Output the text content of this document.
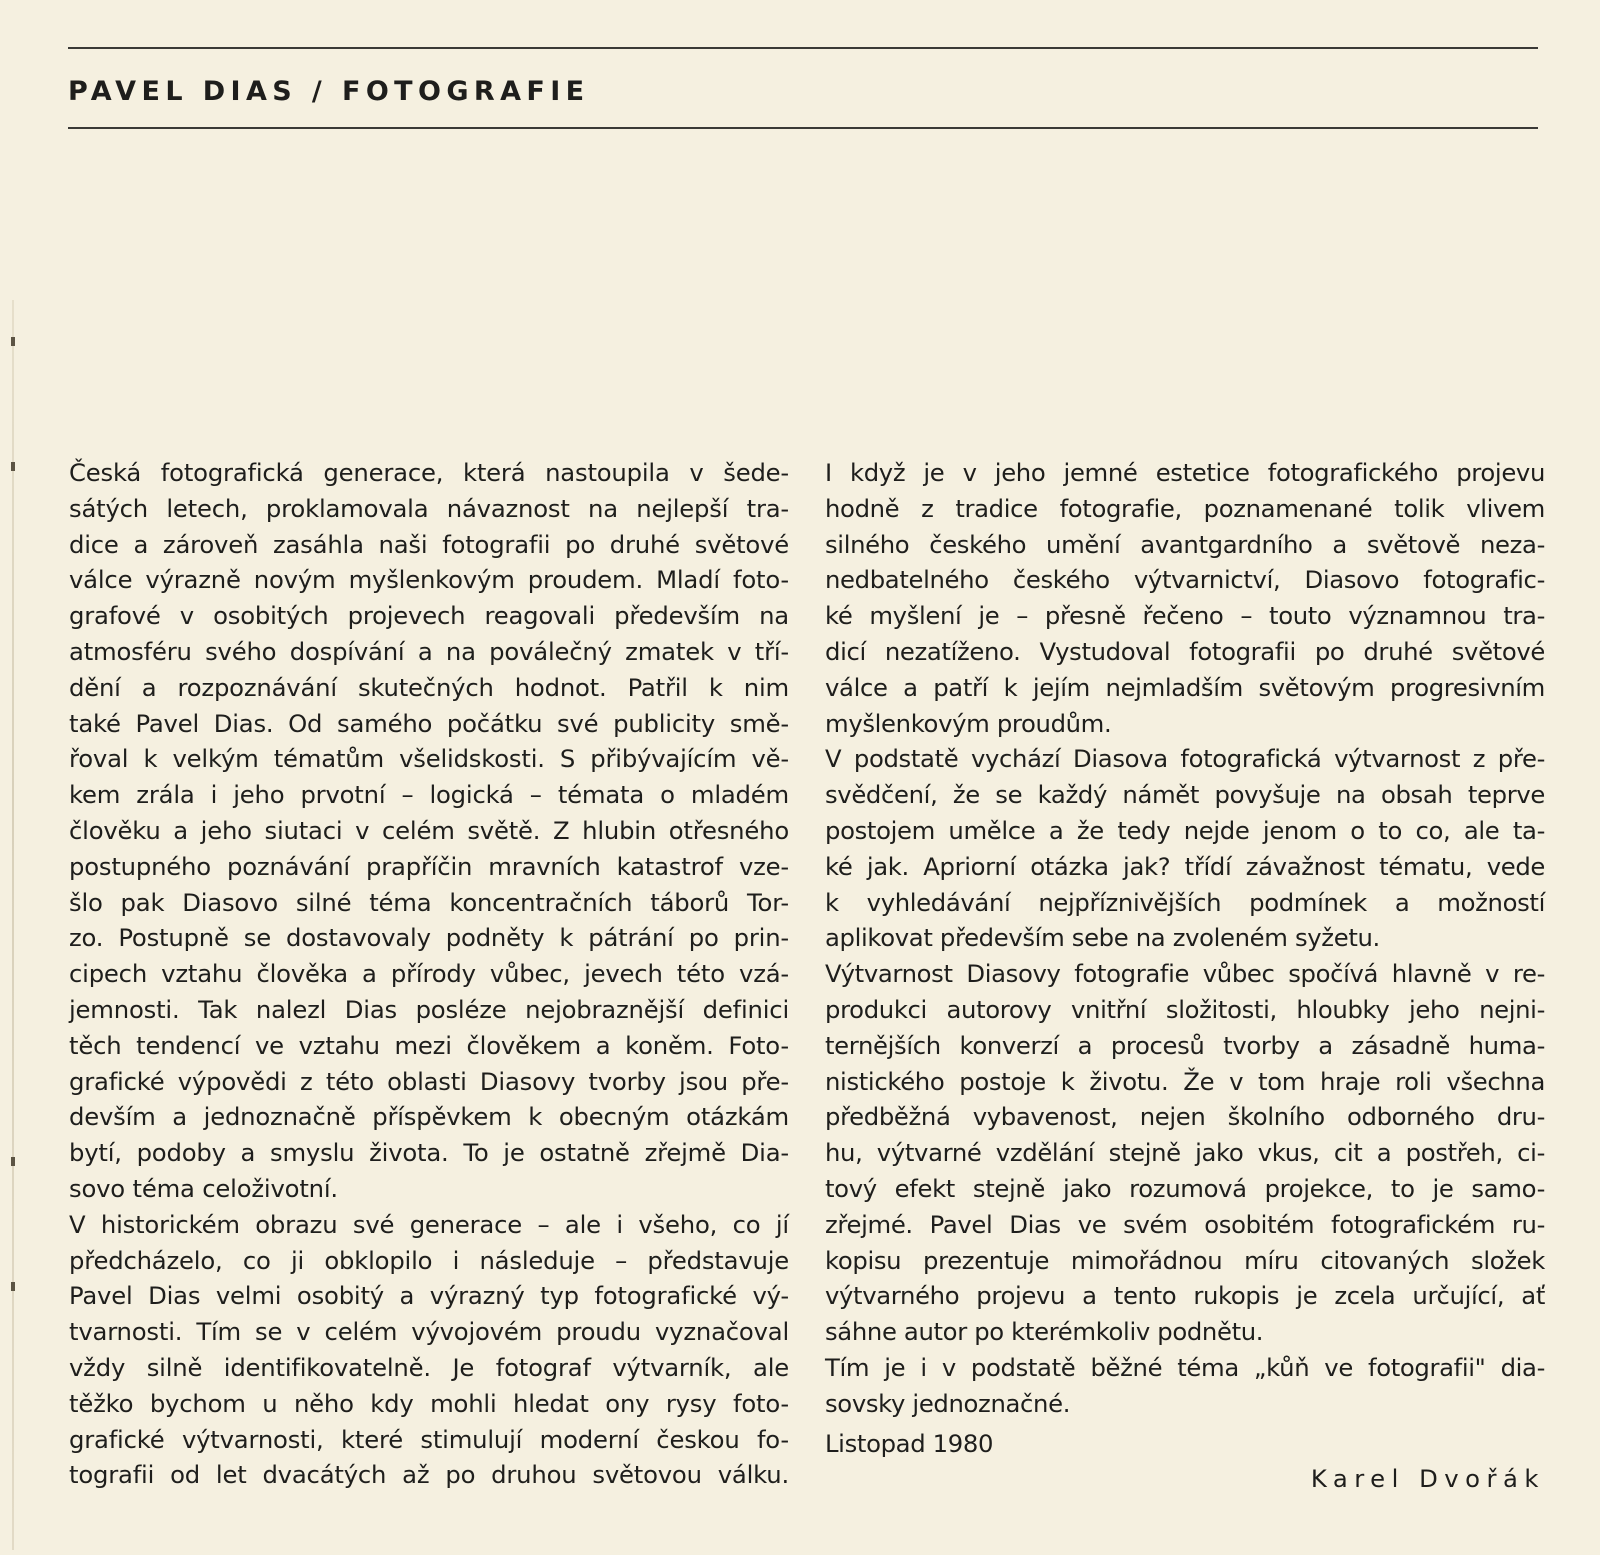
PAVEL DIAS / FOTOGRAFIE
Česká fotografická generace, která nastoupila v šede-
sátých letech, proklamovala návaznost na nejlepší tra-
dice a zároveň zasáhla naši fotografii po druhé světové
válce výrazně novým myšlenkovým proudem. Mladí foto-
grafové v osobitých projevech reagovali především na
atmosféru svého dospívání a na poválečný zmatek v tří-
dění a rozpoznávání skutečných hodnot. Patřil k nim
také Pavel Dias. Od samého počátku své publicity smě-
řoval k velkým tématům všelidskosti. S přibývajícím vě-
kem zrála i jeho prvotní – logická – témata o mladém
člověku a jeho siutaci v celém světě. Z hlubin otřesného
postupného poznávání prapříčin mravních katastrof vze-
šlo pak Diasovo silné téma koncentračních táborů Tor-
zo. Postupně se dostavovaly podněty k pátrání po prin-
cipech vztahu člověka a přírody vůbec, jevech této vzá-
jemnosti. Tak nalezl Dias posléze nejobraznější definici
těch tendencí ve vztahu mezi člověkem a koněm. Foto-
grafické výpovědi z této oblasti Diasovy tvorby jsou pře-
devším a jednoznačně příspěvkem k obecným otázkám
bytí, podoby a smyslu života. To je ostatně zřejmě Dia-
sovo téma celoživotní.
V historickém obrazu své generace – ale i všeho, co jí
předcházelo, co ji obklopilo i následuje – představuje
Pavel Dias velmi osobitý a výrazný typ fotografické vý-
tvarnosti. Tím se v celém vývojovém proudu vyznačoval
vždy silně identifikovatelně. Je fotograf výtvarník, ale
těžko bychom u něho kdy mohli hledat ony rysy foto-
grafické výtvarnosti, které stimulují moderní českou fo-
tografii od let dvacátých až po druhou světovou válku.
I když je v jeho jemné estetice fotografického projevu
hodně z tradice fotografie, poznamenané tolik vlivem
silného českého umění avantgardního a světově neza-
nedbatelného českého výtvarnictví, Diasovo fotografic-
ké myšlení je – přesně řečeno – touto významnou tra-
dicí nezatíženo. Vystudoval fotografii po druhé světové
válce a patří k jejím nejmladším světovým progresivním
myšlenkovým proudům.
V podstatě vychází Diasova fotografická výtvarnost z pře-
svědčení, že se každý námět povyšuje na obsah teprve
postojem umělce a že tedy nejde jenom o to co, ale ta-
ké jak. Apriorní otázka jak? třídí závažnost tématu, vede
k vyhledávání nejpříznivějších podmínek a možností
aplikovat především sebe na zvoleném syžetu.
Výtvarnost Diasovy fotografie vůbec spočívá hlavně v re-
produkci autorovy vnitřní složitosti, hloubky jeho nejni-
ternějších konverzí a procesů tvorby a zásadně huma-
nistického postoje k životu. Že v tom hraje roli všechna
předběžná vybavenost, nejen školního odborného dru-
hu, výtvarné vzdělání stejně jako vkus, cit a postřeh, ci-
tový efekt stejně jako rozumová projekce, to je samo-
zřejmé. Pavel Dias ve svém osobitém fotografickém ru-
kopisu prezentuje mimořádnou míru citovaných složek
výtvarného projevu a tento rukopis je zcela určující, ať
sáhne autor po kterémkoliv podnětu.
Tím je i v podstatě běžné téma „kůň ve fotografii" dia-
sovsky jednoznačné.
Listopad 1980
Karel Dvořák
